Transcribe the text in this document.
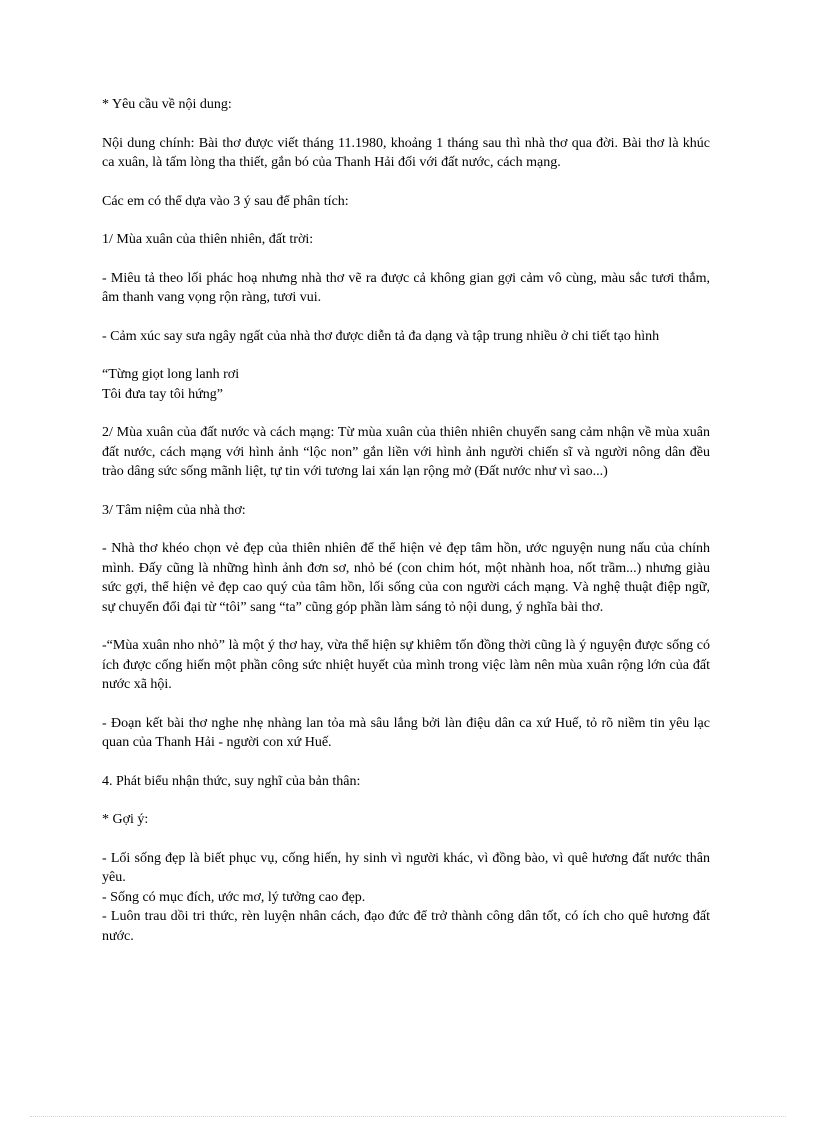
* Yêu cầu về nội dung:

Nội dung chính: Bài thơ được viết tháng 11.1980, khoảng 1 tháng sau thì nhà thơ qua đời. Bài thơ là khúc ca xuân, là tấm lòng tha thiết, gắn bó của Thanh Hải đối với đất nước, cách mạng.

Các em có thể dựa vào 3 ý sau để phân tích:

1/ Mùa xuân của thiên nhiên, đất trời:

- Miêu tả theo lối phác hoạ nhưng nhà thơ vẽ ra được cả không gian gợi cảm vô cùng, màu sắc tươi thắm, âm thanh vang vọng rộn ràng, tươi vui.

- Cảm xúc say sưa ngây ngất của nhà thơ được diễn tả đa dạng và tập trung nhiều ở chi tiết tạo hình

“Từng giọt long lanh rơi
Tôi đưa tay tôi hứng”

2/ Mùa xuân của đất nước và cách mạng: Từ mùa xuân của thiên nhiên chuyển sang cảm nhận về mùa xuân đất nước, cách mạng với hình ảnh “lộc non” gắn liền với hình ảnh người chiến sĩ và người nông dân đều trào dâng sức sống mãnh liệt, tự tin với tương lai xán lạn rộng mở (Đất nước như vì sao...)

3/ Tâm niệm của nhà thơ:

- Nhà thơ khéo chọn vẻ đẹp của thiên nhiên để thể hiện vẻ đẹp tâm hồn, ước nguyện nung nấu của chính mình. Đấy cũng là những hình ảnh đơn sơ, nhỏ bé (con chim hót, một nhành hoa, nốt trầm...) nhưng giàu sức gợi, thể hiện vẻ đẹp cao quý của tâm hồn, lối sống của con người cách mạng. Và nghệ thuật điệp ngữ, sự chuyển đổi đại từ “tôi” sang “ta” cũng góp phần làm sáng tỏ nội dung, ý nghĩa bài thơ.

-“Mùa xuân nho nhỏ” là một ý thơ hay, vừa thể hiện sự khiêm tốn đồng thời cũng là ý nguyện được sống có ích được cống hiến một phần công sức nhiệt huyết của mình trong việc làm nên mùa xuân rộng lớn của đất nước xã hội.

- Đoạn kết bài thơ nghe nhẹ nhàng lan tỏa mà sâu lắng bởi làn điệu dân ca xứ Huế, tỏ rõ niềm tin yêu lạc quan của Thanh Hải - người con xứ Huế.

4. Phát biểu nhận thức, suy nghĩ của bản thân:

* Gợi ý:

- Lối sống đẹp là biết phục vụ, cống hiến, hy sinh vì người khác, vì đồng bào, vì quê hương đất nước thân yêu.

- Sống có mục đích, ước mơ, lý tưởng cao đẹp.

- Luôn trau dồi tri thức, rèn luyện nhân cách, đạo đức để trở thành công dân tốt, có ích cho quê hương đất nước.
